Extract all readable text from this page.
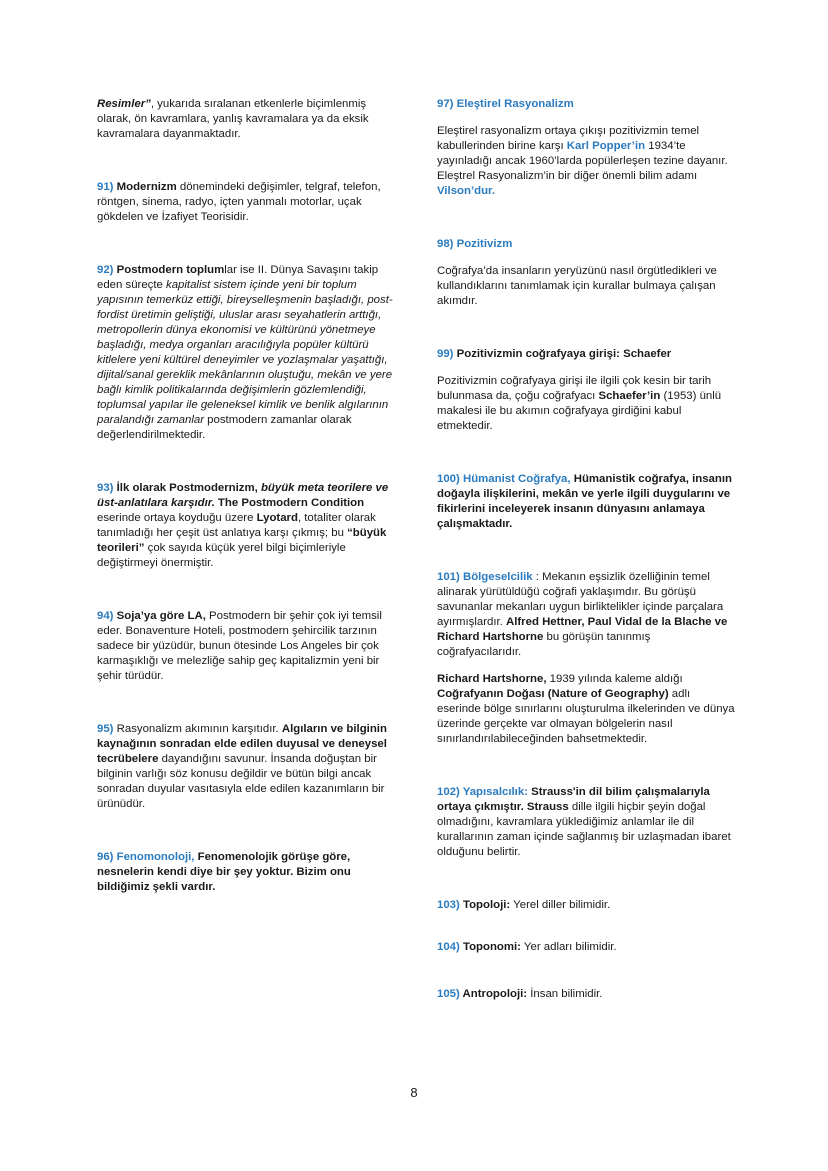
Resimler”, yukarıda sıralanan etkenlerle biçimlenmiş olarak, ön kavramlara, yanlış kavramalara ya da eksik kavramalara dayanmaktadır.

91) Modernizm dönemindeki değişimler, telgraf, telefon, röntgen, sinema, radyo, içten yanmalı motorlar, uçak gökdelen ve İzafiyet Teorisidir.

92) Postmodern toplumlar ise II. Dünya Savaşını takip eden süreçte kapitalist sistem içinde yeni bir toplum yapısının temerküz ettiği, bireyselleşmenin başladığı, post-fordist üretimin geliştiği, uluslar arası seyahatlerin arttığı, metropollerin dünya ekonomisi ve kültürünü yönetmeye başladığı, medya organları aracılığıyla popüler kültürü kitlelere yeni kültürel deneyimler ve yozlaşmalar yaşattığı, dijital/sanal gereklik mekânlarının oluştuğu, mekân ve yere bağlı kimlik politikalarında değişimlerin gözlemlendiği, toplumsal yapılar ile geleneksel kimlik ve benlik algılarının paralandığı zamanlar postmodern zamanlar olarak değerlendirilmektedir.

93) İlk olarak Postmodernizm, büyük meta teorilere ve üst-anlatılara karşıdır. The Postmodern Condition eserinde ortaya koyduğu üzere Lyotard, totaliter olarak tanımladığı her çeşit üst anlatıya karşı çıkmış; bu “büyük teorileri” çok sayıda küçük yerel bilgi biçimleriyle değiştirmeyi önermiştir.

94) Soja’ya göre LA, Postmodern bir şehir çok iyi temsil eder. Bonaventure Hoteli, postmodern şehircilik tarzının sadece bir yüzüdür, bunun ötesinde Los Angeles bir çok karmaşıklığı ve melezliğe sahip geç kapitalizmin yeni bir şehir türüdür.

95) Rasyonalizm akımının karşıtıdır. Algıların ve bilginin kaynağının sonradan elde edilen duyusal ve deneysel tecrübelere dayandığını savunur. İnsanda doğuştan bir bilginin varlığı söz konusu değildir ve bütün bilgi ancak sonradan duyular vasıtasıyla elde edilen kazanımların bir ürünüdür.

96) Fenomonoloji, Fenomenolojik görüşe göre, nesnelerin kendi diye bir şey yoktur. Bizim onu bildiğimiz şekli vardır.

97) Eleştirel Rasyonalizm

Eleştirel rasyonalizm ortaya çıkışı pozitivizmin temel kabullerinden birine karşı Karl Popper’in 1934’te yayınladığı ancak 1960’larda popülerleşen tezine dayanır. Eleştrel Rasyonalizm’in bir diğer önemli bilim adamı Vilson’dur.

98) Pozitivizm

Coğrafya’da insanların yeryüzünü nasıl örgütledikleri ve kullandıklarını tanımlamak için kurallar bulmaya çalışan akımdır.

99) Pozitivizmin coğrafyaya girişi: Schaefer

Pozitivizmin coğrafyaya girişi ile ilgili çok kesin bir tarih bulunmasa da, çoğu coğrafyacı Schaefer’in (1953) ünlü makalesi ile bu akımın coğrafyaya girdiğini kabul etmektedir.

100) Hümanist Coğrafya, Hümanistik coğrafya, insanın doğayla ilişkilerini, mekân ve yerle ilgili duygularını ve fikirlerini inceleyerek insanın dünyasını anlamaya çalışmaktadır.

101) Bölgeselcilik : Mekanın eşsizlik özelliğinin temel alinarak yürütüldüğü coğrafi yaklaşımdır. Bu görüşü savunanlar mekanları uygun birliktelikler içinde parçalara ayırmışlardır. Alfred Hettner, Paul Vidal de la Blache ve Richard Hartshorne bu görüşün tanınmış coğrafyacılarıdır.

Richard Hartshorne, 1939 yılında kaleme aldığı Coğrafyanın Doğası (Nature of Geography) adlı eserinde bölge sınırlarını oluşturulma ilkelerinden ve dünya üzerinde gerçekte var olmayan bölgelerin nasıl sınırlandırılabileceğinden bahsetmektedir.

102) Yapısalcılık: Strauss'in dil bilim çalışmalarıyla ortaya çıkmıştır. Strauss dille ilgili hiçbir şeyin doğal olmadığını, kavramlara yüklediğimiz anlamlar ile dil kurallarının zaman içinde sağlanmış bir uzlaşmadan ibaret olduğunu belirtir.

103) Topoloji: Yerel diller bilimidir.

104) Toponomi: Yer adları bilimidir.

105) Antropoloji: İnsan bilimidir.

8
